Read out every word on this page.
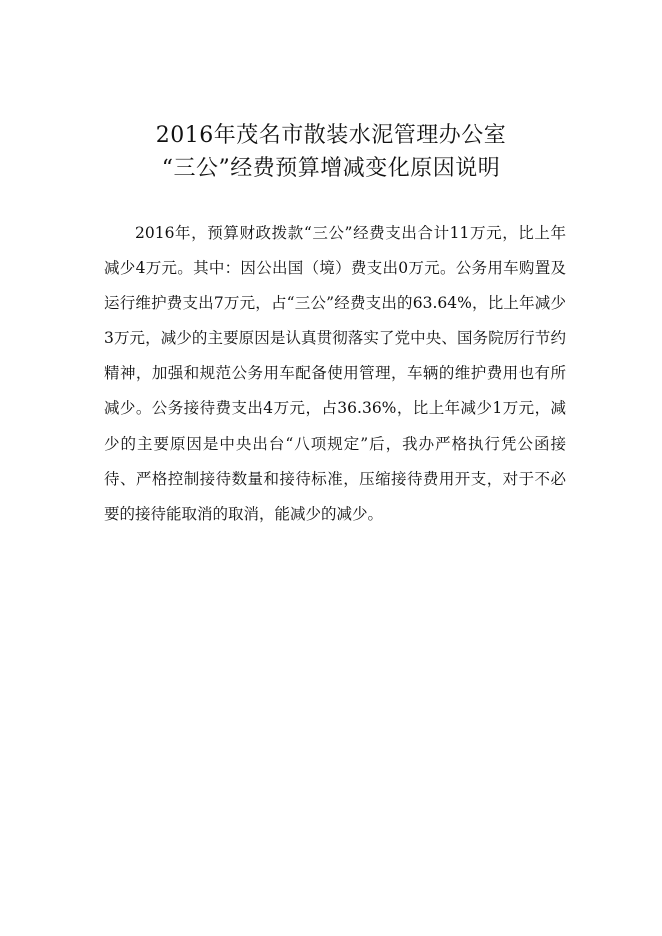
2016年茂名市散装水泥管理办公室
“三公”经费预算增减变化原因说明
2016年，预算财政拨款“三公”经费支出合计11万元，比上年减少4万元。其中：因公出国（境）费支出0万元。公务用车购置及运行维护费支出7万元，占“三公”经费支出的63.64%，比上年减少3万元，减少的主要原因是认真贯彻落实了党中央、国务院厉行节约精神，加强和规范公务用车配备使用管理，车辆的维护费用也有所减少。公务接待费支出4万元，占36.36%，比上年减少1万元，减少的主要原因是中央出台“八项规定”后，我办严格执行凭公函接待、严格控制接待数量和接待标准，压缩接待费用开支，对于不必要的接待能取消的取消，能减少的减少。
